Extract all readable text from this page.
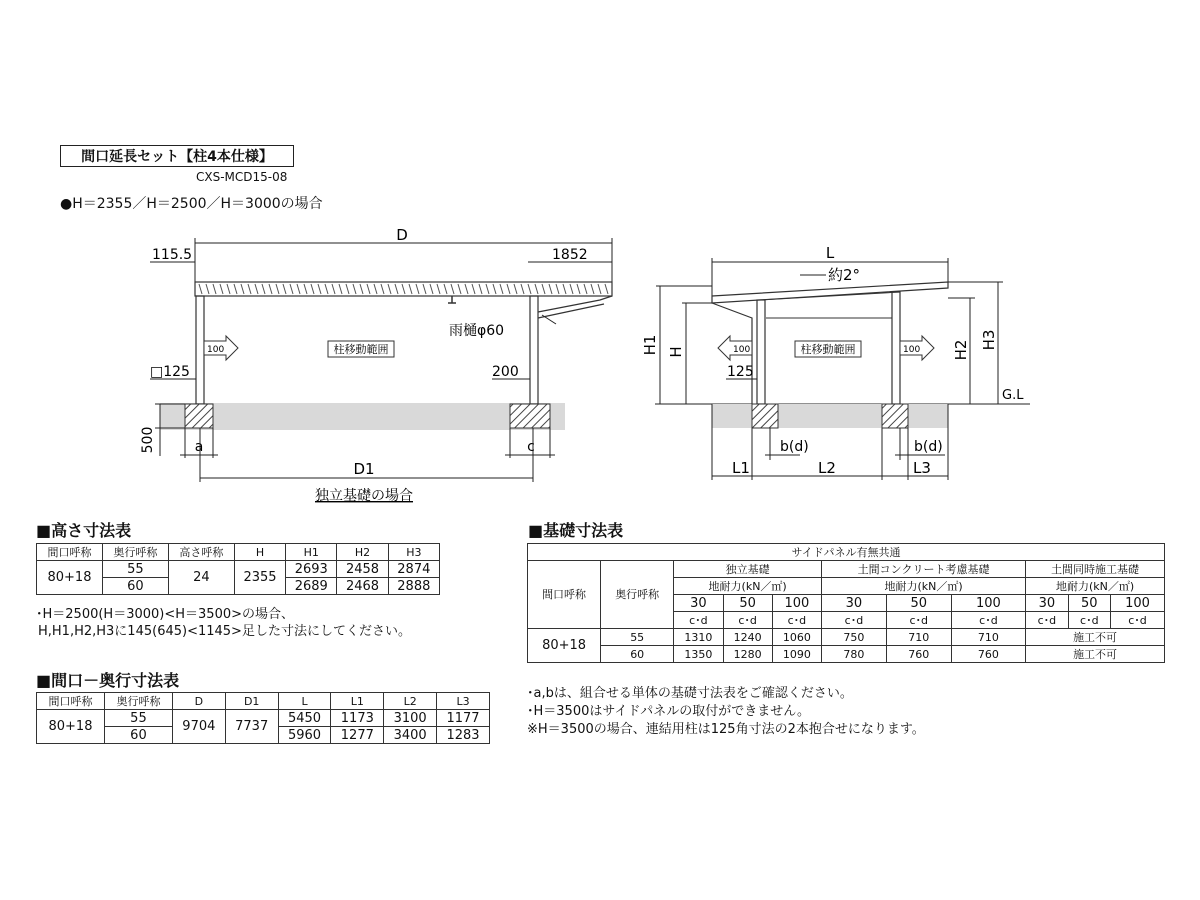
間口延長セット【柱4本仕様】
CXS-MCD15-08
●H＝2355／H＝2500／H＝3000の場合
D
115.5	1852
雨樋φ60
100	柱移動範囲
□125	200
500	a	c
D1
独立基礎の場合
L
約2°
H1 H	H2 H3
G.L
100	100
柱移動範囲
125
b(d)	b(d)
L1	L2	L3
■高さ寸法表
間口呼称	奥行呼称	高さ呼称	H	H1	H2	H3
80+18	55	24	2355	2693	2458	2874
	60			2689	2468	2888
･H＝2500(H＝3000)<H＝3500>の場合、
H,H1,H2,H3に145(645)<1145>足した寸法にしてください。
■間口－奥行寸法表
間口呼称	奥行呼称	D	D1	L	L1	L2	L3
80+18	55	9704	7737	5450	1173	3100	1177
	60			5960	1277	3400	1283
■基礎寸法表
サイドパネル有無共通										
間口呼称	奥行呼称	独立基礎			土間コンクリート考慮基礎			土間同時施工基礎		
		地耐力(kN／㎡)			地耐力(kN／㎡)			地耐力(kN／㎡)		
		30	50	100	30	50	100	30	50	100
		c･d	c･d	c･d	c･d	c･d	c･d	c･d	c･d	c･d
80+18	55	1310	1240	1060	750	710	710	施工不可		
	60	1350	1280	1090	780	760	760	施工不可		
･a,bは、組合せる単体の基礎寸法表をご確認ください。
･H＝3500はサイドパネルの取付ができません。
※H＝3500の場合、連結用柱は125角寸法の2本抱合せになります。
